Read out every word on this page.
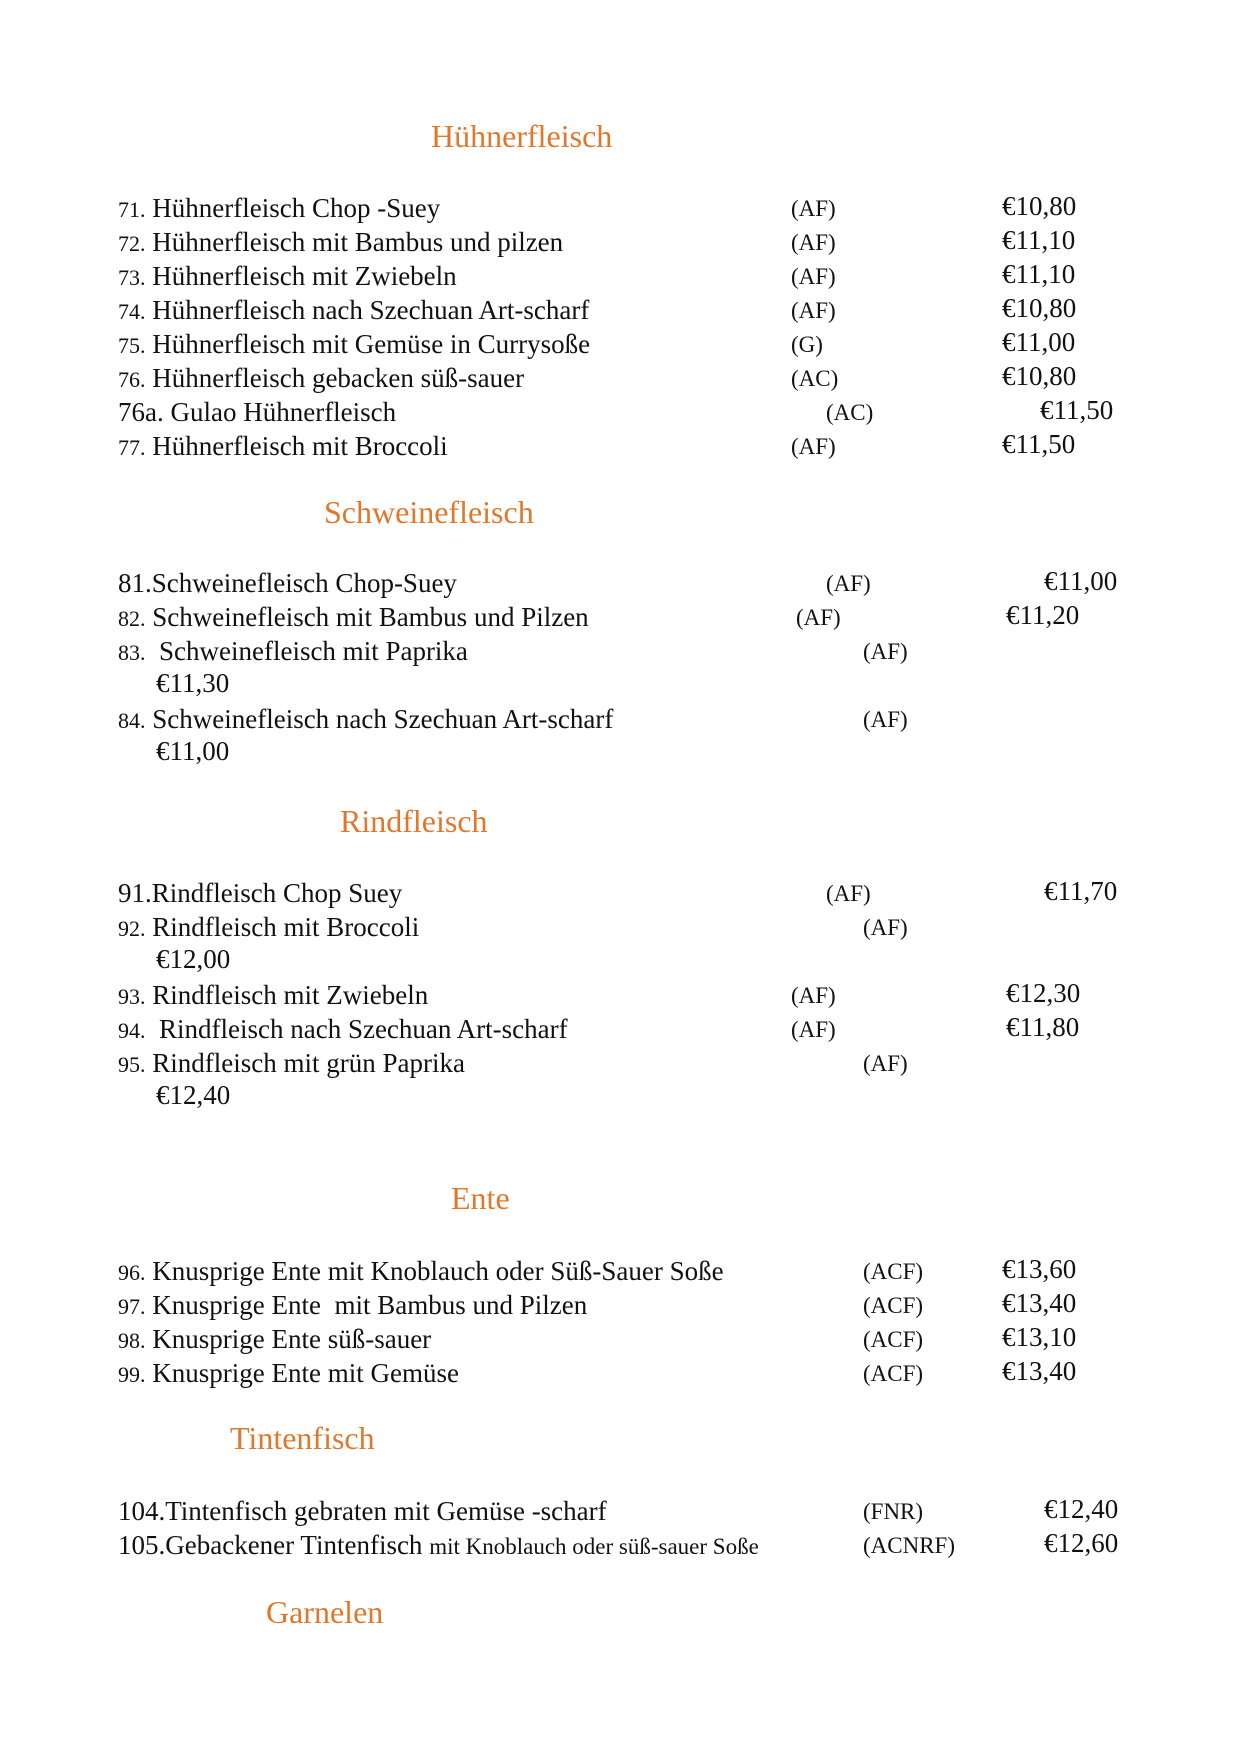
Hühnerfleisch
71. Hühnerfleisch Chop -Suey	(AF)	€10,80
72. Hühnerfleisch mit Bambus und pilzen	(AF)	€11,10
73. Hühnerfleisch mit Zwiebeln	(AF)	€11,10
74. Hühnerfleisch nach Szechuan Art-scharf	(AF)	€10,80
75. Hühnerfleisch mit Gemüse in Currysoße	(G)	€11,00
76. Hühnerfleisch gebacken süß-sauer	(AC)	€10,80
76a. Gulao Hühnerfleisch	(AC)	€11,50
77. Hühnerfleisch mit Broccoli	(AF)	€11,50
Schweinefleisch
81.Schweinefleisch Chop-Suey	(AF)	€11,00
82. Schweinefleisch mit Bambus und Pilzen	(AF)	€11,20
83. Schweinefleisch mit Paprika	(AF)
€11,30
84. Schweinefleisch nach Szechuan Art-scharf	(AF)
€11,00
Rindfleisch
91.Rindfleisch Chop Suey	(AF)	€11,70
92. Rindfleisch mit Broccoli	(AF)
€12,00
93. Rindfleisch mit Zwiebeln	(AF)	€12,30
94. Rindfleisch nach Szechuan Art-scharf	(AF)	€11,80
95. Rindfleisch mit grün Paprika	(AF)
€12,40
Ente
96. Knusprige Ente mit Knoblauch oder Süß-Sauer Soße	(ACF)	€13,60
97. Knusprige Ente  mit Bambus und Pilzen	(ACF)	€13,40
98. Knusprige Ente süß-sauer	(ACF)	€13,10
99. Knusprige Ente mit Gemüse	(ACF)	€13,40
Tintenfisch
104.Tintenfisch gebraten mit Gemüse -scharf	(FNR)	€12,40
105.Gebackener Tintenfisch mit Knoblauch oder süß-sauer Soße	(ACNRF)	€12,60
Garnelen
